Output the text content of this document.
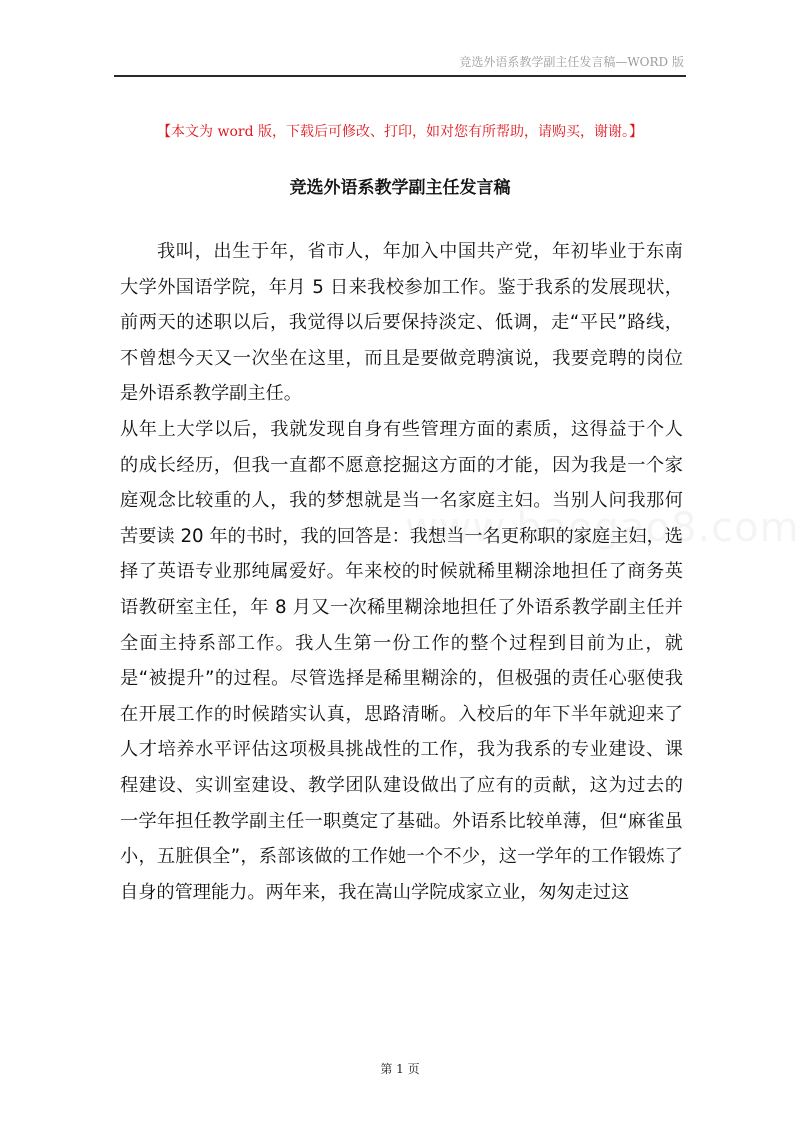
竞选外语系教学副主任发言稿—WORD 版
【本文为 word 版，下载后可修改、打印，如对您有所帮助，请购买，谢谢。】
竞选外语系教学副主任发言稿

我叫，出生于年，省市人，年加入中国共产党，年初毕业于东南大学外国语学院，年月 5 日来我校参加工作。鉴于我系的发展现状，前两天的述职以后，我觉得以后要保持淡定、低调，走“平民”路线，不曾想今天又一次坐在这里，而且是要做竞聘演说，我要竞聘的岗位是外语系教学副主任。

从年上大学以后，我就发现自身有些管理方面的素质，这得益于个人的成长经历，但我一直都不愿意挖掘这方面的才能，因为我是一个家庭观念比较重的人，我的梦想就是当一名家庭主妇。当别人问我那何苦要读 20 年的书时，我的回答是：我想当一名更称职的家庭主妇，选择了英语专业那纯属爱好。年来校的时候就稀里糊涂地担任了商务英语教研室主任，年 8 月又一次稀里糊涂地担任了外语系教学副主任并全面主持系部工作。我人生第一份工作的整个过程到目前为止，就是“被提升”的过程。尽管选择是稀里糊涂的，但极强的责任心驱使我在开展工作的时候踏实认真，思路清晰。入校后的年下半年就迎来了人才培养水平评估这项极具挑战性的工作，我为我系的专业建设、课程建设、实训室建设、教学团队建设做出了应有的贡献，这为过去的一学年担任教学副主任一职奠定了基础。外语系比较单薄，但“麻雀虽小，五脏俱全”，系部该做的工作她一个不少，这一学年的工作锻炼了自身的管理能力。两年来，我在嵩山学院成家立业，匆匆走过这

第 1 页
